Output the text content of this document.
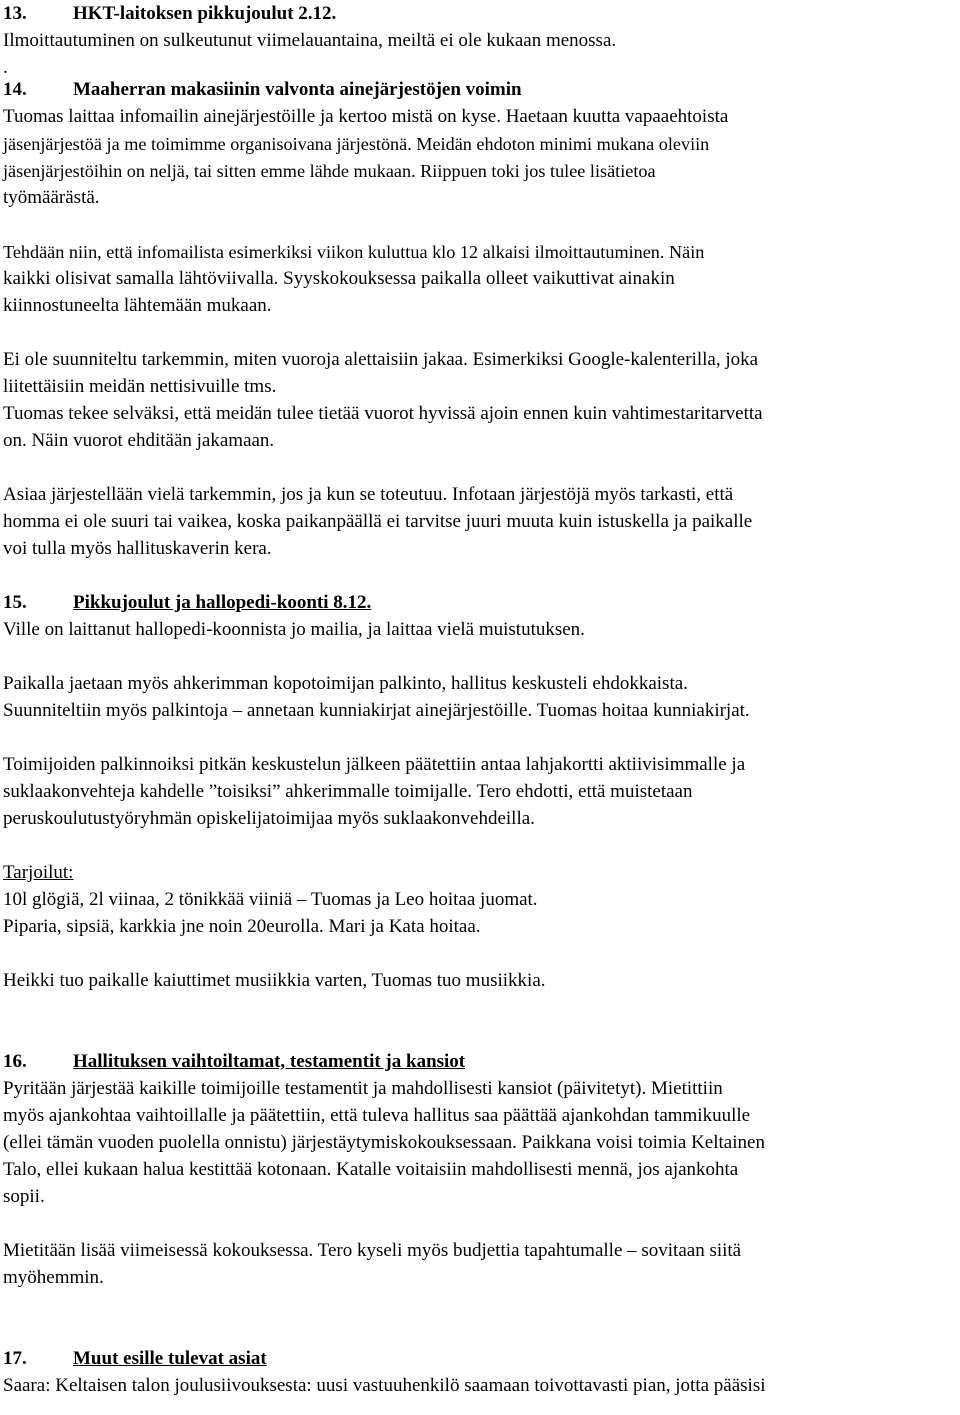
13. HKT-laitoksen pikkujoulut 2.12.
Ilmoittautuminen on sulkeutunut viimelauantaina, meiltä ei ole kukaan menossa.
.
14. Maaherran makasiinin valvonta ainejärjestöjen voimin
Tuomas laittaa infomailin ainejärjestöille ja kertoo mistä on kyse. Haetaan kuutta vapaaehtoista
jäsenjärjestöä ja me toimimme organisoivana järjestönä. Meidän ehdoton minimi mukana oleviin
jäsenjärjestöihin on neljä, tai sitten emme lähde mukaan. Riippuen toki jos tulee lisätietoa
työmäärästä.
Tehdään niin, että infomailista esimerkiksi viikon kuluttua klo 12 alkaisi ilmoittautuminen. Näin
kaikki olisivat samalla lähtöviivalla. Syyskokouksessa paikalla olleet vaikuttivat ainakin
kiinnostuneelta lähtemään mukaan.
Ei ole suunniteltu tarkemmin, miten vuoroja alettaisiin jakaa. Esimerkiksi Google-kalenterilla, joka
liitettäisiin meidän nettisivuille tms.
Tuomas tekee selväksi, että meidän tulee tietää vuorot hyvissä ajoin ennen kuin vahtimestaritarvetta
on. Näin vuorot ehditään jakamaan.
Asiaa järjestellään vielä tarkemmin, jos ja kun se toteutuu. Infotaan järjestöjä myös tarkasti, että
homma ei ole suuri tai vaikea, koska paikanpäällä ei tarvitse juuri muuta kuin istuskella ja paikalle
voi tulla myös hallituskaverin kera.
15. Pikkujoulut ja hallopedi-koonti 8.12.
Ville on laittanut hallopedi-koonnista jo mailia, ja laittaa vielä muistutuksen.
Paikalla jaetaan myös ahkerimman kopotoimijan palkinto, hallitus keskusteli ehdokkaista.
Suunniteltiin myös palkintoja – annetaan kunniakirjat ainejärjestöille. Tuomas hoitaa kunniakirjat.
Toimijoiden palkinnoiksi pitkän keskustelun jälkeen päätettiin antaa lahjakortti aktiivisimmalle ja
suklaakonvehteja kahdelle ”toisiksi” ahkerimmalle toimijalle. Tero ehdotti, että muistetaan
peruskoulutustyöryhmän opiskelijatoimijaa myös suklaakonvehdeilla.
Tarjoilut:
10l glögiä, 2l viinaa, 2 tönikkää viiniä – Tuomas ja Leo hoitaa juomat.
Piparia, sipsiä, karkkia jne noin 20eurolla. Mari ja Kata hoitaa.
Heikki tuo paikalle kaiuttimet musiikkia varten, Tuomas tuo musiikkia.
16. Hallituksen vaihtoiltamat, testamentit ja kansiot
Pyritään järjestää kaikille toimijoille testamentit ja mahdollisesti kansiot (päivitetyt). Mietittiin
myös ajankohtaa vaihtoillalle ja päätettiin, että tuleva hallitus saa päättää ajankohdan tammikuulle
(ellei tämän vuoden puolella onnistu) järjestäytymiskokouksessaan. Paikkana voisi toimia Keltainen
Talo, ellei kukaan halua kestittää kotonaan. Katalle voitaisiin mahdollisesti mennä, jos ajankohta
sopii.
Mietitään lisää viimeisessä kokouksessa. Tero kyseli myös budjettia tapahtumalle – sovitaan siitä
myöhemmin.
17. Muut esille tulevat asiat
Saara: Keltaisen talon joulusiivouksesta: uusi vastuuhenkilö saamaan toivottavasti pian, jotta pääsisi
